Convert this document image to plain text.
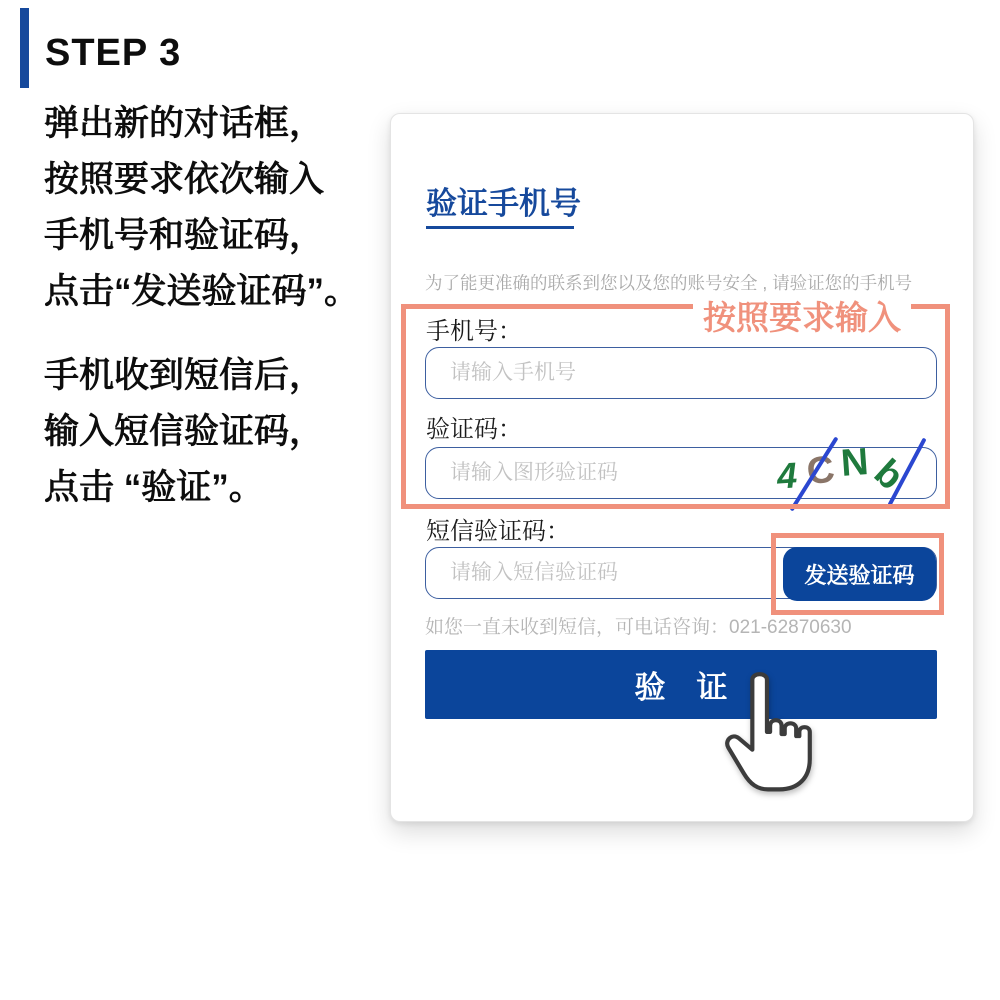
STEP 3

弹出新的对话框，
按照要求依次输入
手机号和验证码，
点击“发送验证码”。

手机收到短信后，
输入短信验证码，
点击 “验证”。

验证手机号

为了能更准确的联系到您以及您的账号安全 , 请验证您的手机号

按照要求输入
手机号：
请输入手机号
验证码：
请输入图形验证码
4 C N
b
短信验证码：
请输入短信验证码
发送验证码

如您一直未收到短信，可电话咨询：021-62870630

验　证
